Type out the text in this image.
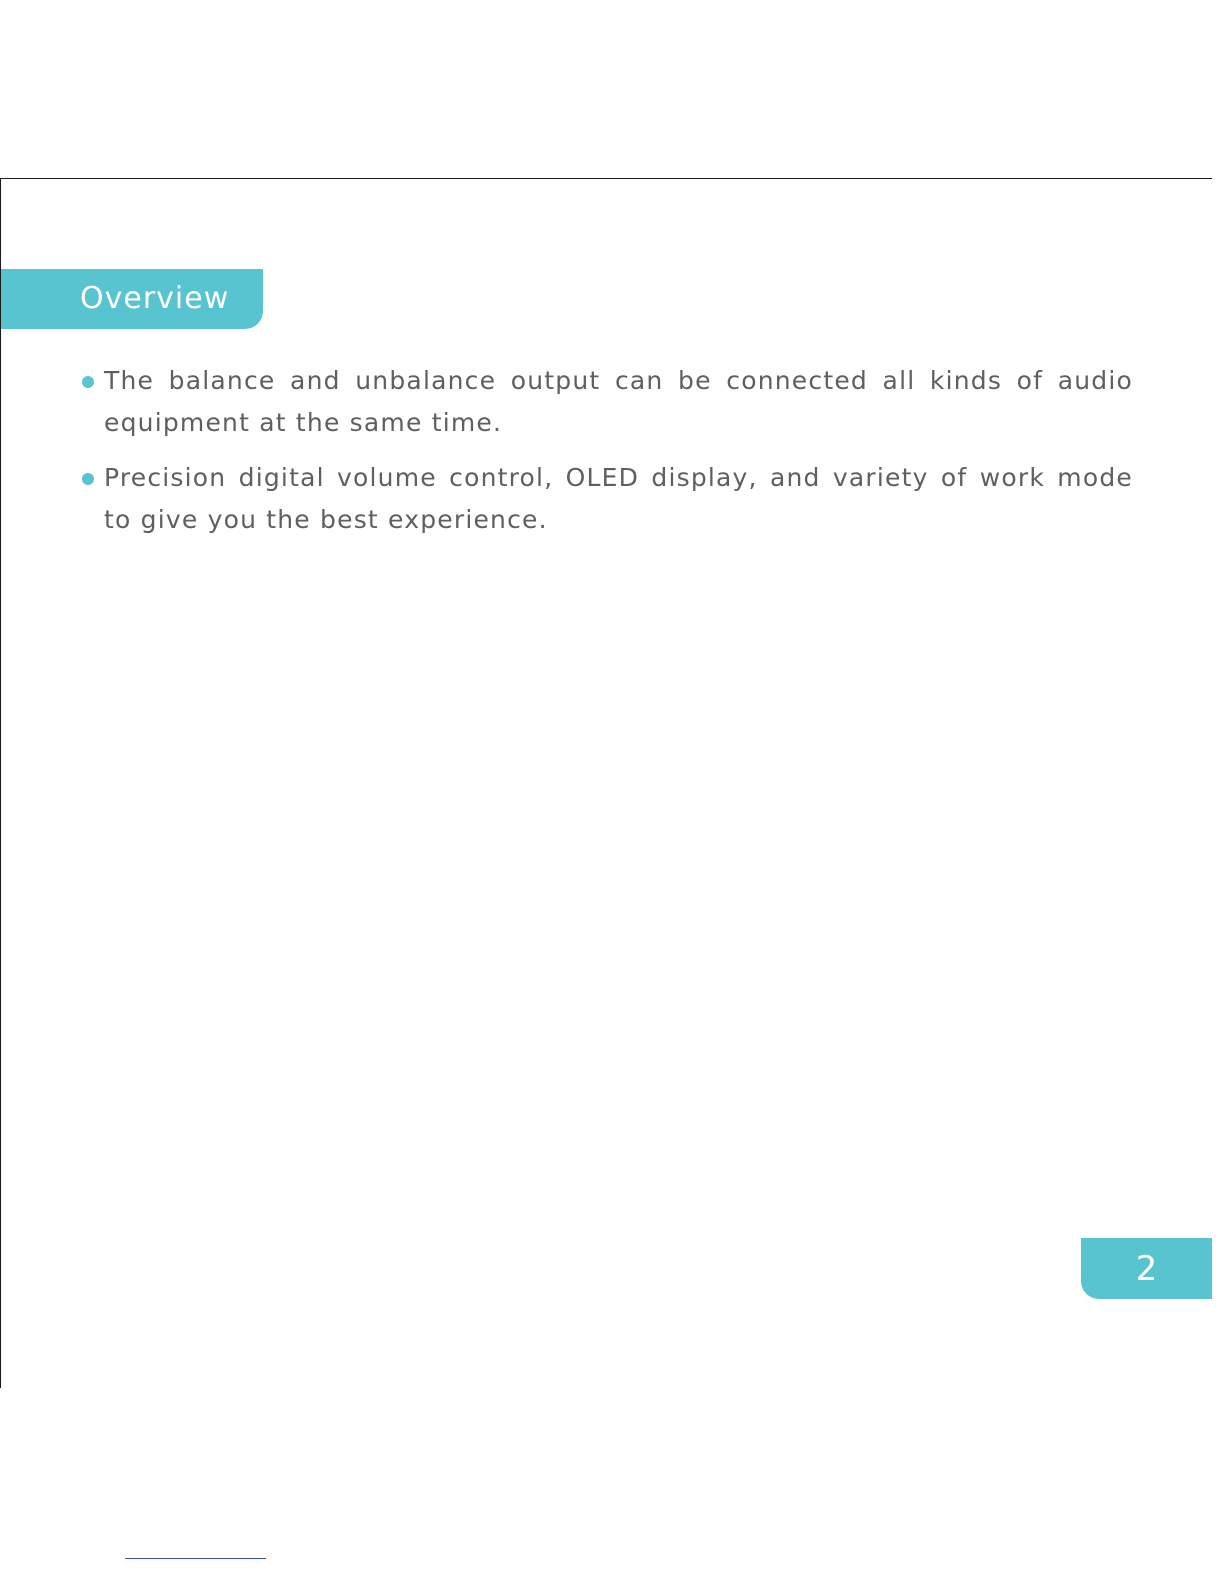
Overview
The balance and unbalance output can be connected all kinds of audio equipment at the same time.
Precision digital volume control, OLED display, and variety of work mode to give you the best experience.
2
